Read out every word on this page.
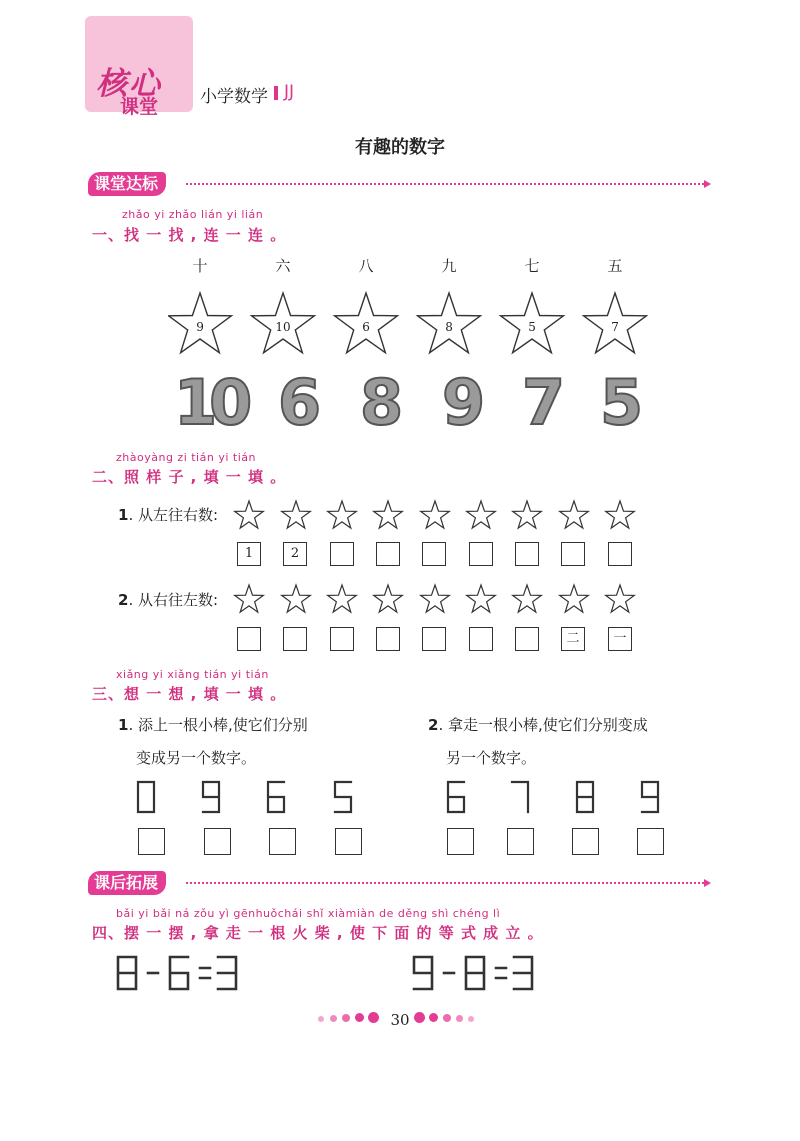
核心
课堂 小学数学 JJ
有趣的数字
课堂达标
zhǎo yi zhǎo lián yi lián
一、找 一 找 , 连 一 连 。
十	六	八	九	七	五
9	10	6	8	5	7
10 6 8 9 7 5
zhàoyàng zi tián yi tián
二、照 样 子 , 填 一 填 。
1. 从左往右数:
1	2
2. 从右往左数:
二	一
xiǎng yi xiǎng tián yi tián
三、想 一 想 , 填 一 填 。
1. 添上一根小棒,使它们分别
变成另一个数字。
2. 拿走一根小棒,使它们分别变成
另一个数字。
课后拓展
bǎi yi bǎi ná zǒu yì gēnhuǒchái shǐ xiàmiàn de děng shì chéng lì
四、摆 一 摆 , 拿 走 一 根 火 柴 , 使 下 面 的 等 式 成 立 。
30
